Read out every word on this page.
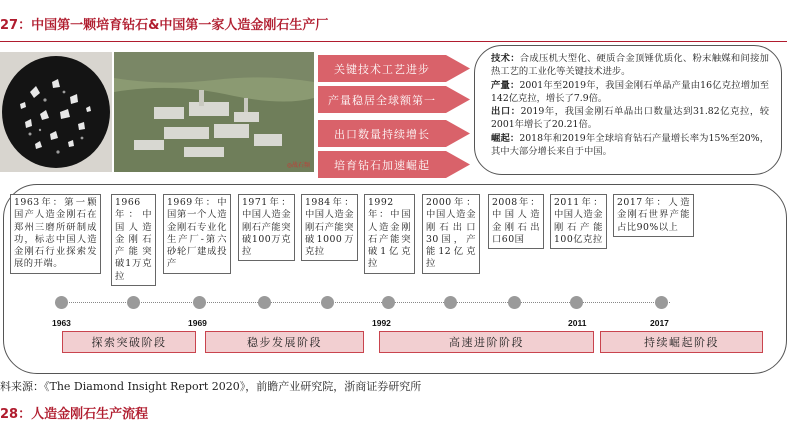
27：中国第一颗培育钻石&中国第一家人造金刚石生产厂
◎战石频
关键技术工艺进步
产量稳居全球额第一
出口数量持续增长
培育钻石加速崛起

技术：合成压机大型化、硬质合金顶锤优质化、粉末触媒和间接加热工艺的工业化等关键技术进步。

产量：2001年至2019年，我国金刚石单晶产量由16亿克拉增加至142亿克拉，增长了7.9倍。

出口：2019年，我国金刚石单晶出口数量达到31.82亿克拉，较2001年增长了20.21倍。

崛起：2018年和2019年全球培育钻石产量增长率为15%至20%，其中大部分增长来自于中国。

1963年：第一颗国产人造金刚石在郑州三磨所研制成功，标志中国人造金刚石行业探索发展的开端。
1966年：中国人造金刚石产能突破1万克拉
1969年：中国第一个人造金刚石专业化生产厂-第六砂轮厂建成投产
1971年：中国人造金刚石产能突破100万克拉
1984年：中国人造金刚石产能突破1000万克拉
1992年：中国人造金刚石产能突破1亿克拉
2000年：中国人造金刚石出口30国，产能12亿克拉
2008年：中国人造金刚石出口60国
2011年：中国人造金刚石产能100亿克拉
2017年：人造金刚石世界产能占比90%以上
1963	1969	1992	2011	2017
探索突破阶段	稳步发展阶段	高速进阶阶段	持续崛起阶段
料来源：《The Diamond Insight Report 2020》，前瞻产业研究院，浙商证券研究所
28：人造金刚石生产流程
